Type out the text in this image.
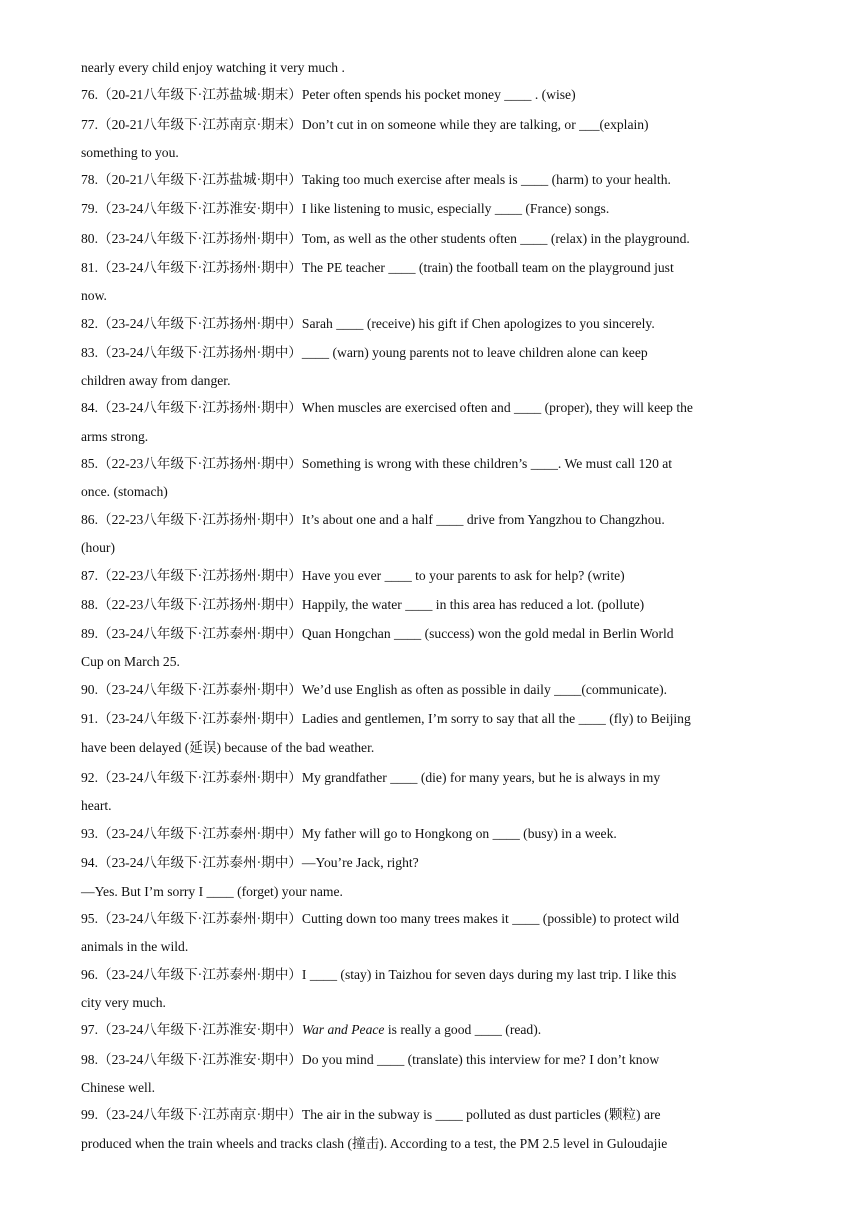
nearly every child enjoy watching it very much .
76.（20-21八年级下·江苏盐城·期末）Peter often spends his pocket money ____ . (wise)
77.（20-21八年级下·江苏南京·期末）Don’t cut in on someone while they are talking, or ___(explain)
something to you.
78.（20-21八年级下·江苏盐城·期中）Taking too much exercise after meals is ____ (harm) to your health.
79.（23-24八年级下·江苏淮安·期中）I like listening to music, especially ____ (France) songs.
80.（23-24八年级下·江苏扬州·期中）Tom, as well as the other students often ____ (relax) in the playground.
81.（23-24八年级下·江苏扬州·期中）The PE teacher ____ (train) the football team on the playground just
now.
82.（23-24八年级下·江苏扬州·期中）Sarah ____ (receive) his gift if Chen apologizes to you sincerely.
83.（23-24八年级下·江苏扬州·期中）____ (warn) young parents not to leave children alone can keep
children away from danger.
84.（23-24八年级下·江苏扬州·期中）When muscles are exercised often and ____ (proper), they will keep the
arms strong.
85.（22-23八年级下·江苏扬州·期中）Something is wrong with these children’s ____. We must call 120 at
once. (stomach)
86.（22-23八年级下·江苏扬州·期中）It’s about one and a half ____ drive from Yangzhou to Changzhou.
(hour)
87.（22-23八年级下·江苏扬州·期中）Have you ever ____ to your parents to ask for help? (write)
88.（22-23八年级下·江苏扬州·期中）Happily, the water ____ in this area has reduced a lot. (pollute)
89.（23-24八年级下·江苏泰州·期中）Quan Hongchan ____ (success) won the gold medal in Berlin World
Cup on March 25.
90.（23-24八年级下·江苏泰州·期中）We’d use English as often as possible in daily ____(communicate).
91.（23-24八年级下·江苏泰州·期中）Ladies and gentlemen, I’m sorry to say that all the ____ (fly) to Beijing
have been delayed (延误) because of the bad weather.
92.（23-24八年级下·江苏泰州·期中）My grandfather ____ (die) for many years, but he is always in my
heart.
93.（23-24八年级下·江苏泰州·期中）My father will go to Hongkong on ____ (busy) in a week.
94.（23-24八年级下·江苏泰州·期中）—You’re Jack, right?
—Yes. But I’m sorry I ____ (forget) your name.
95.（23-24八年级下·江苏泰州·期中）Cutting down too many trees makes it ____ (possible) to protect wild
animals in the wild.
96.（23-24八年级下·江苏泰州·期中）I ____ (stay) in Taizhou for seven days during my last trip. I like this
city very much.
97.（23-24八年级下·江苏淮安·期中）War and Peace is really a good ____ (read).
98.（23-24八年级下·江苏淮安·期中）Do you mind ____ (translate) this interview for me? I don’t know
Chinese well.
99.（23-24八年级下·江苏南京·期中）The air in the subway is ____ polluted as dust particles (颗粒) are
produced when the train wheels and tracks clash (撞击). According to a test, the PM 2.5 level in Guloudajie
